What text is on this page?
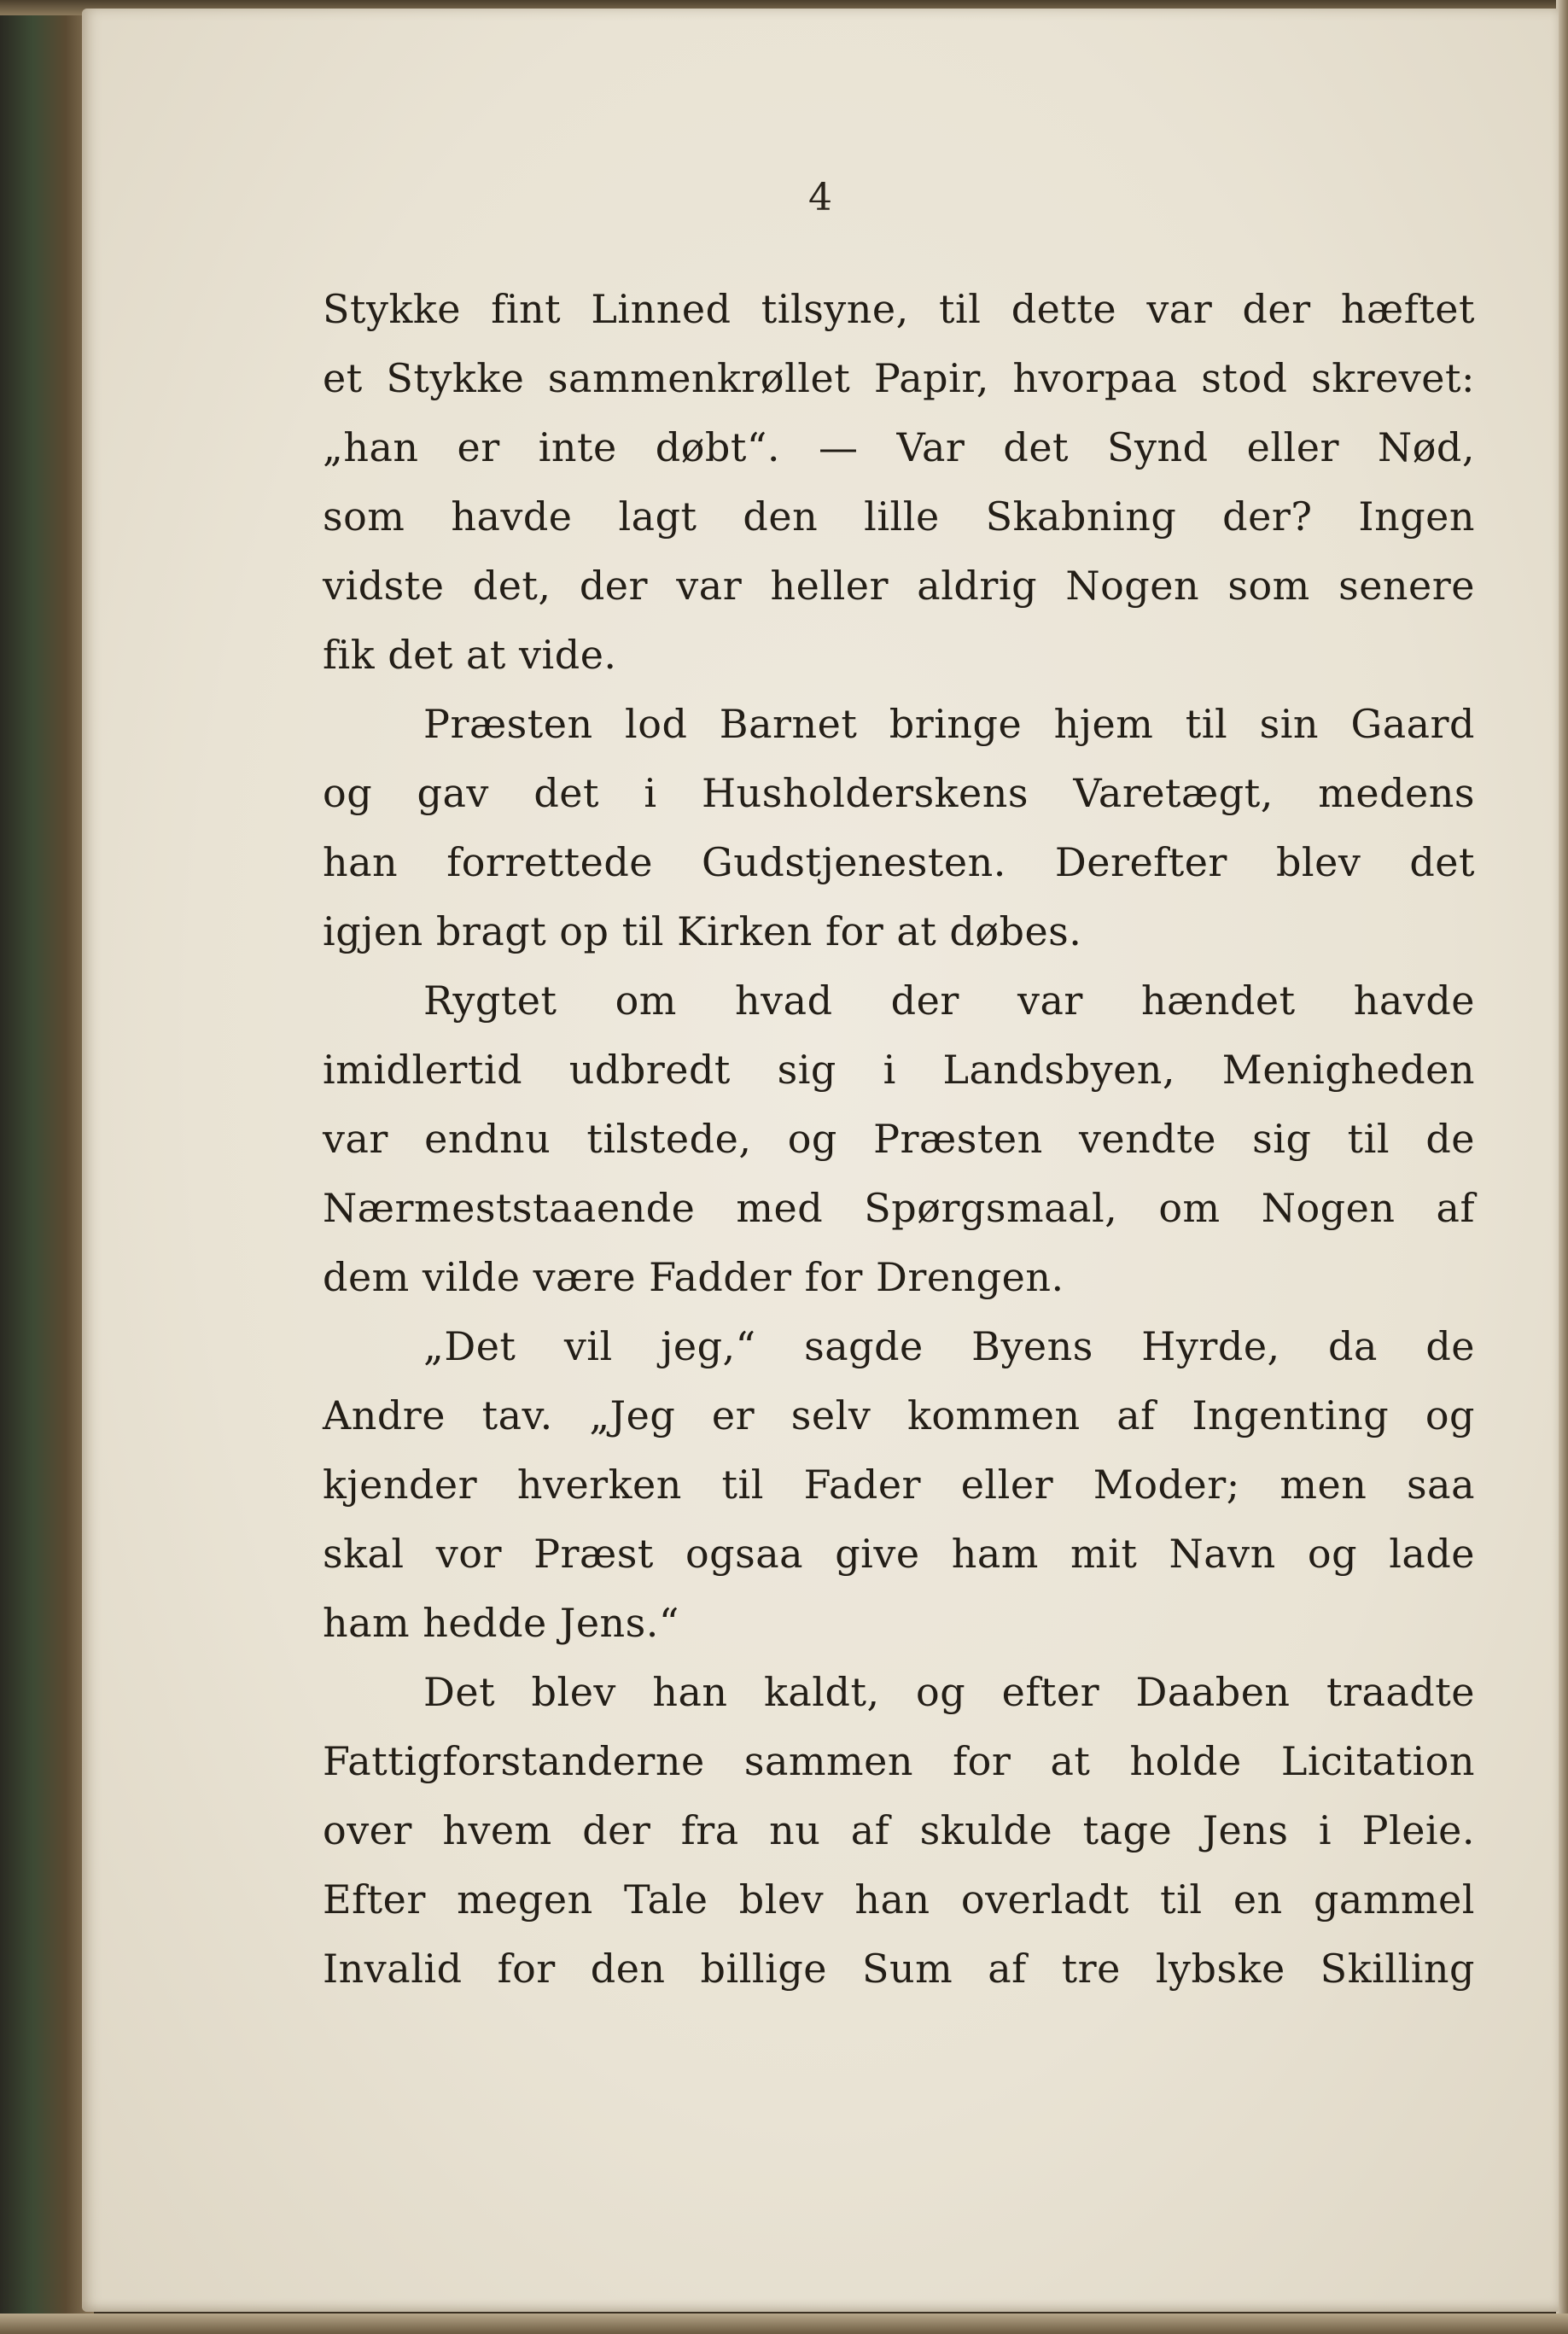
4
Stykke fint Linned tilsyne, til dette var der hæftet
et Stykke sammenkrøllet Papir, hvorpaa stod skrevet:
„han er inte døbt“. — Var det Synd eller Nød,
som havde lagt den lille Skabning der? Ingen
vidste det, der var heller aldrig Nogen som senere
fik det at vide.
Præsten lod Barnet bringe hjem til sin Gaard
og gav det i Husholderskens Varetægt, medens
han forrettede Gudstjenesten. Derefter blev det
igjen bragt op til Kirken for at døbes.
Rygtet om hvad der var hændet havde
imidlertid udbredt sig i Landsbyen, Menigheden
var endnu tilstede, og Præsten vendte sig til de
Nærmeststaaende med Spørgsmaal, om Nogen af
dem vilde være Fadder for Drengen.
„Det vil jeg,“ sagde Byens Hyrde, da de
Andre tav. „Jeg er selv kommen af Ingenting og
kjender hverken til Fader eller Moder; men saa
skal vor Præst ogsaa give ham mit Navn og lade
ham hedde Jens.“
Det blev han kaldt, og efter Daaben traadte
Fattigforstanderne sammen for at holde Licitation
over hvem der fra nu af skulde tage Jens i Pleie.
Efter megen Tale blev han overladt til en gammel
Invalid for den billige Sum af tre lybske Skilling
